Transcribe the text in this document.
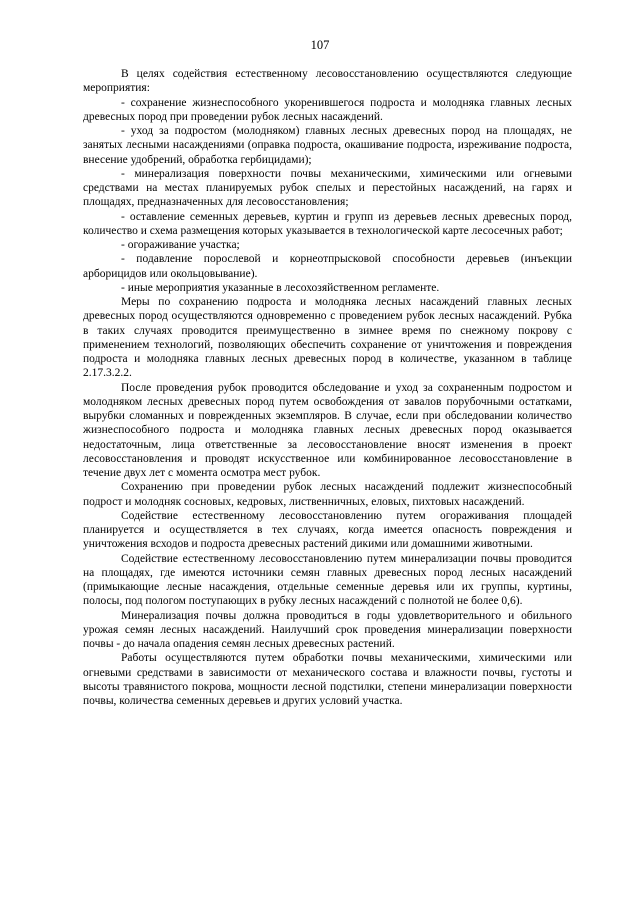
107

В целях содействия естественному лесовосстановлению осуществляются следующие мероприятия:

- сохранение жизнеспособного укоренившегося подроста и молодняка главных лесных древесных пород при проведении рубок лесных насаждений.

- уход за подростом (молодняком) главных лесных древесных пород на площадях, не занятых лесными насаждениями (оправка подроста, окашивание подроста, изреживание подроста, внесение удобрений, обработка гербицидами);

- минерализация поверхности почвы механическими, химическими или огневыми средствами на местах планируемых рубок спелых и перестойных насаждений, на гарях и площадях, предназначенных для лесовосстановления;

- оставление семенных деревьев, куртин и групп из деревьев лесных древесных пород, количество и схема размещения которых указывается в технологической карте лесосечных работ;

- огораживание участка;

- подавление порослевой и корнеотпрысковой способности деревьев (инъекции арборицидов или окольцовывание).

- иные мероприятия указанные в лесохозяйственном регламенте.

Меры по сохранению подроста и молодняка лесных насаждений главных лесных древесных пород осуществляются одновременно с проведением рубок лесных насаждений. Рубка в таких случаях проводится преимущественно в зимнее время по снежному покрову с применением технологий, позволяющих обеспечить сохранение от уничтожения и повреждения подроста и молодняка главных лесных древесных пород в количестве, указанном в таблице 2.17.3.2.2.

После проведения рубок проводится обследование и уход за сохраненным подростом и молодняком лесных древесных пород путем освобождения от завалов порубочными остатками, вырубки сломанных и поврежденных экземпляров. В случае, если при обследовании количество жизнеспособного подроста и молодняка главных лесных древесных пород оказывается недостаточным, лица ответственные за лесовосстановление вносят изменения в проект лесовосстановления и проводят искусственное или комбинированное лесовосстановление в течение двух лет с момента осмотра мест рубок.

Сохранению при проведении рубок лесных насаждений подлежит жизнеспособный подрост и молодняк сосновых, кедровых, лиственничных, еловых, пихтовых насаждений.

Содействие естественному лесовосстановлению путем огораживания площадей планируется и осуществляется в тех случаях, когда имеется опасность повреждения и уничтожения всходов и подроста древесных растений дикими или домашними животными.

Содействие естественному лесовосстановлению путем минерализации почвы проводится на площадях, где имеются источники семян главных древесных пород лесных насаждений (примыкающие лесные насаждения, отдельные семенные деревья или их группы, куртины, полосы, под пологом поступающих в рубку лесных насаждений с полнотой не более 0,6).

Минерализация почвы должна проводиться в годы удовлетворительного и обильного урожая семян лесных насаждений. Наилучший срок проведения минерализации поверхности почвы - до начала опадения семян лесных древесных растений.

Работы осуществляются путем обработки почвы механическими, химическими или огневыми средствами в зависимости от механического состава и влажности почвы, густоты и высоты травянистого покрова, мощности лесной подстилки, степени минерализации поверхности почвы, количества семенных деревьев и других условий участка.
